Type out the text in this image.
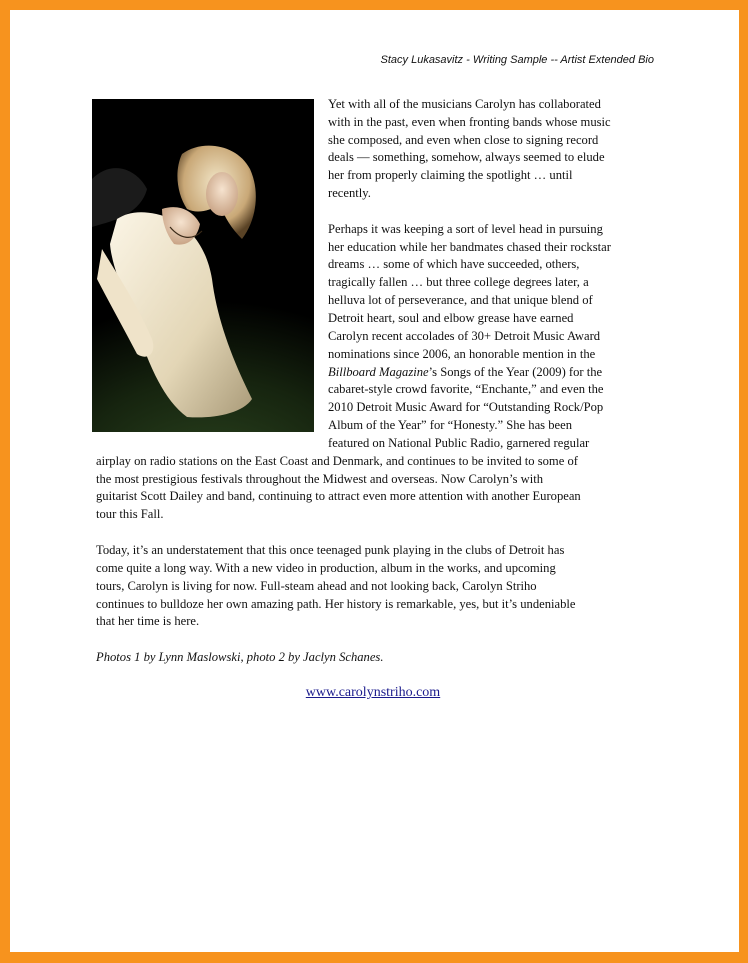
Stacy Lukasavitz - Writing Sample -- Artist Extended Bio
Yet with all of the musicians Carolyn has collaborated
with in the past, even when fronting bands whose music
she composed, and even when close to signing record
deals — something, somehow, always seemed to elude
her from properly claiming the spotlight … until
recently.
Perhaps it was keeping a sort of level head in pursuing
her education while her bandmates chased their rockstar
dreams … some of which have succeeded, others,
tragically fallen … but three college degrees later, a
helluva lot of perseverance, and that unique blend of
Detroit heart, soul and elbow grease have earned
Carolyn recent accolades of 30+ Detroit Music Award
nominations since 2006, an honorable mention in the
Billboard Magazine’s Songs of the Year (2009) for the
cabaret-style crowd favorite, “Enchante,” and even the
2010 Detroit Music Award for “Outstanding Rock/Pop
Album of the Year” for “Honesty.” She has been
featured on National Public Radio, garnered regular
airplay on radio stations on the East Coast and Denmark, and continues to be invited to some of
the most prestigious festivals throughout the Midwest and overseas. Now Carolyn’s with
guitarist Scott Dailey and band, continuing to attract even more attention with another European
tour this Fall.
Today, it’s an understatement that this once teenaged punk playing in the clubs of Detroit has
come quite a long way. With a new video in production, album in the works, and upcoming
tours, Carolyn is living for now. Full-steam ahead and not looking back, Carolyn Striho
continues to bulldoze her own amazing path. Her history is remarkable, yes, but it’s undeniable
that her time is here.
Photos 1 by Lynn Maslowski, photo 2 by Jaclyn Schanes.
www.carolynstriho.com
